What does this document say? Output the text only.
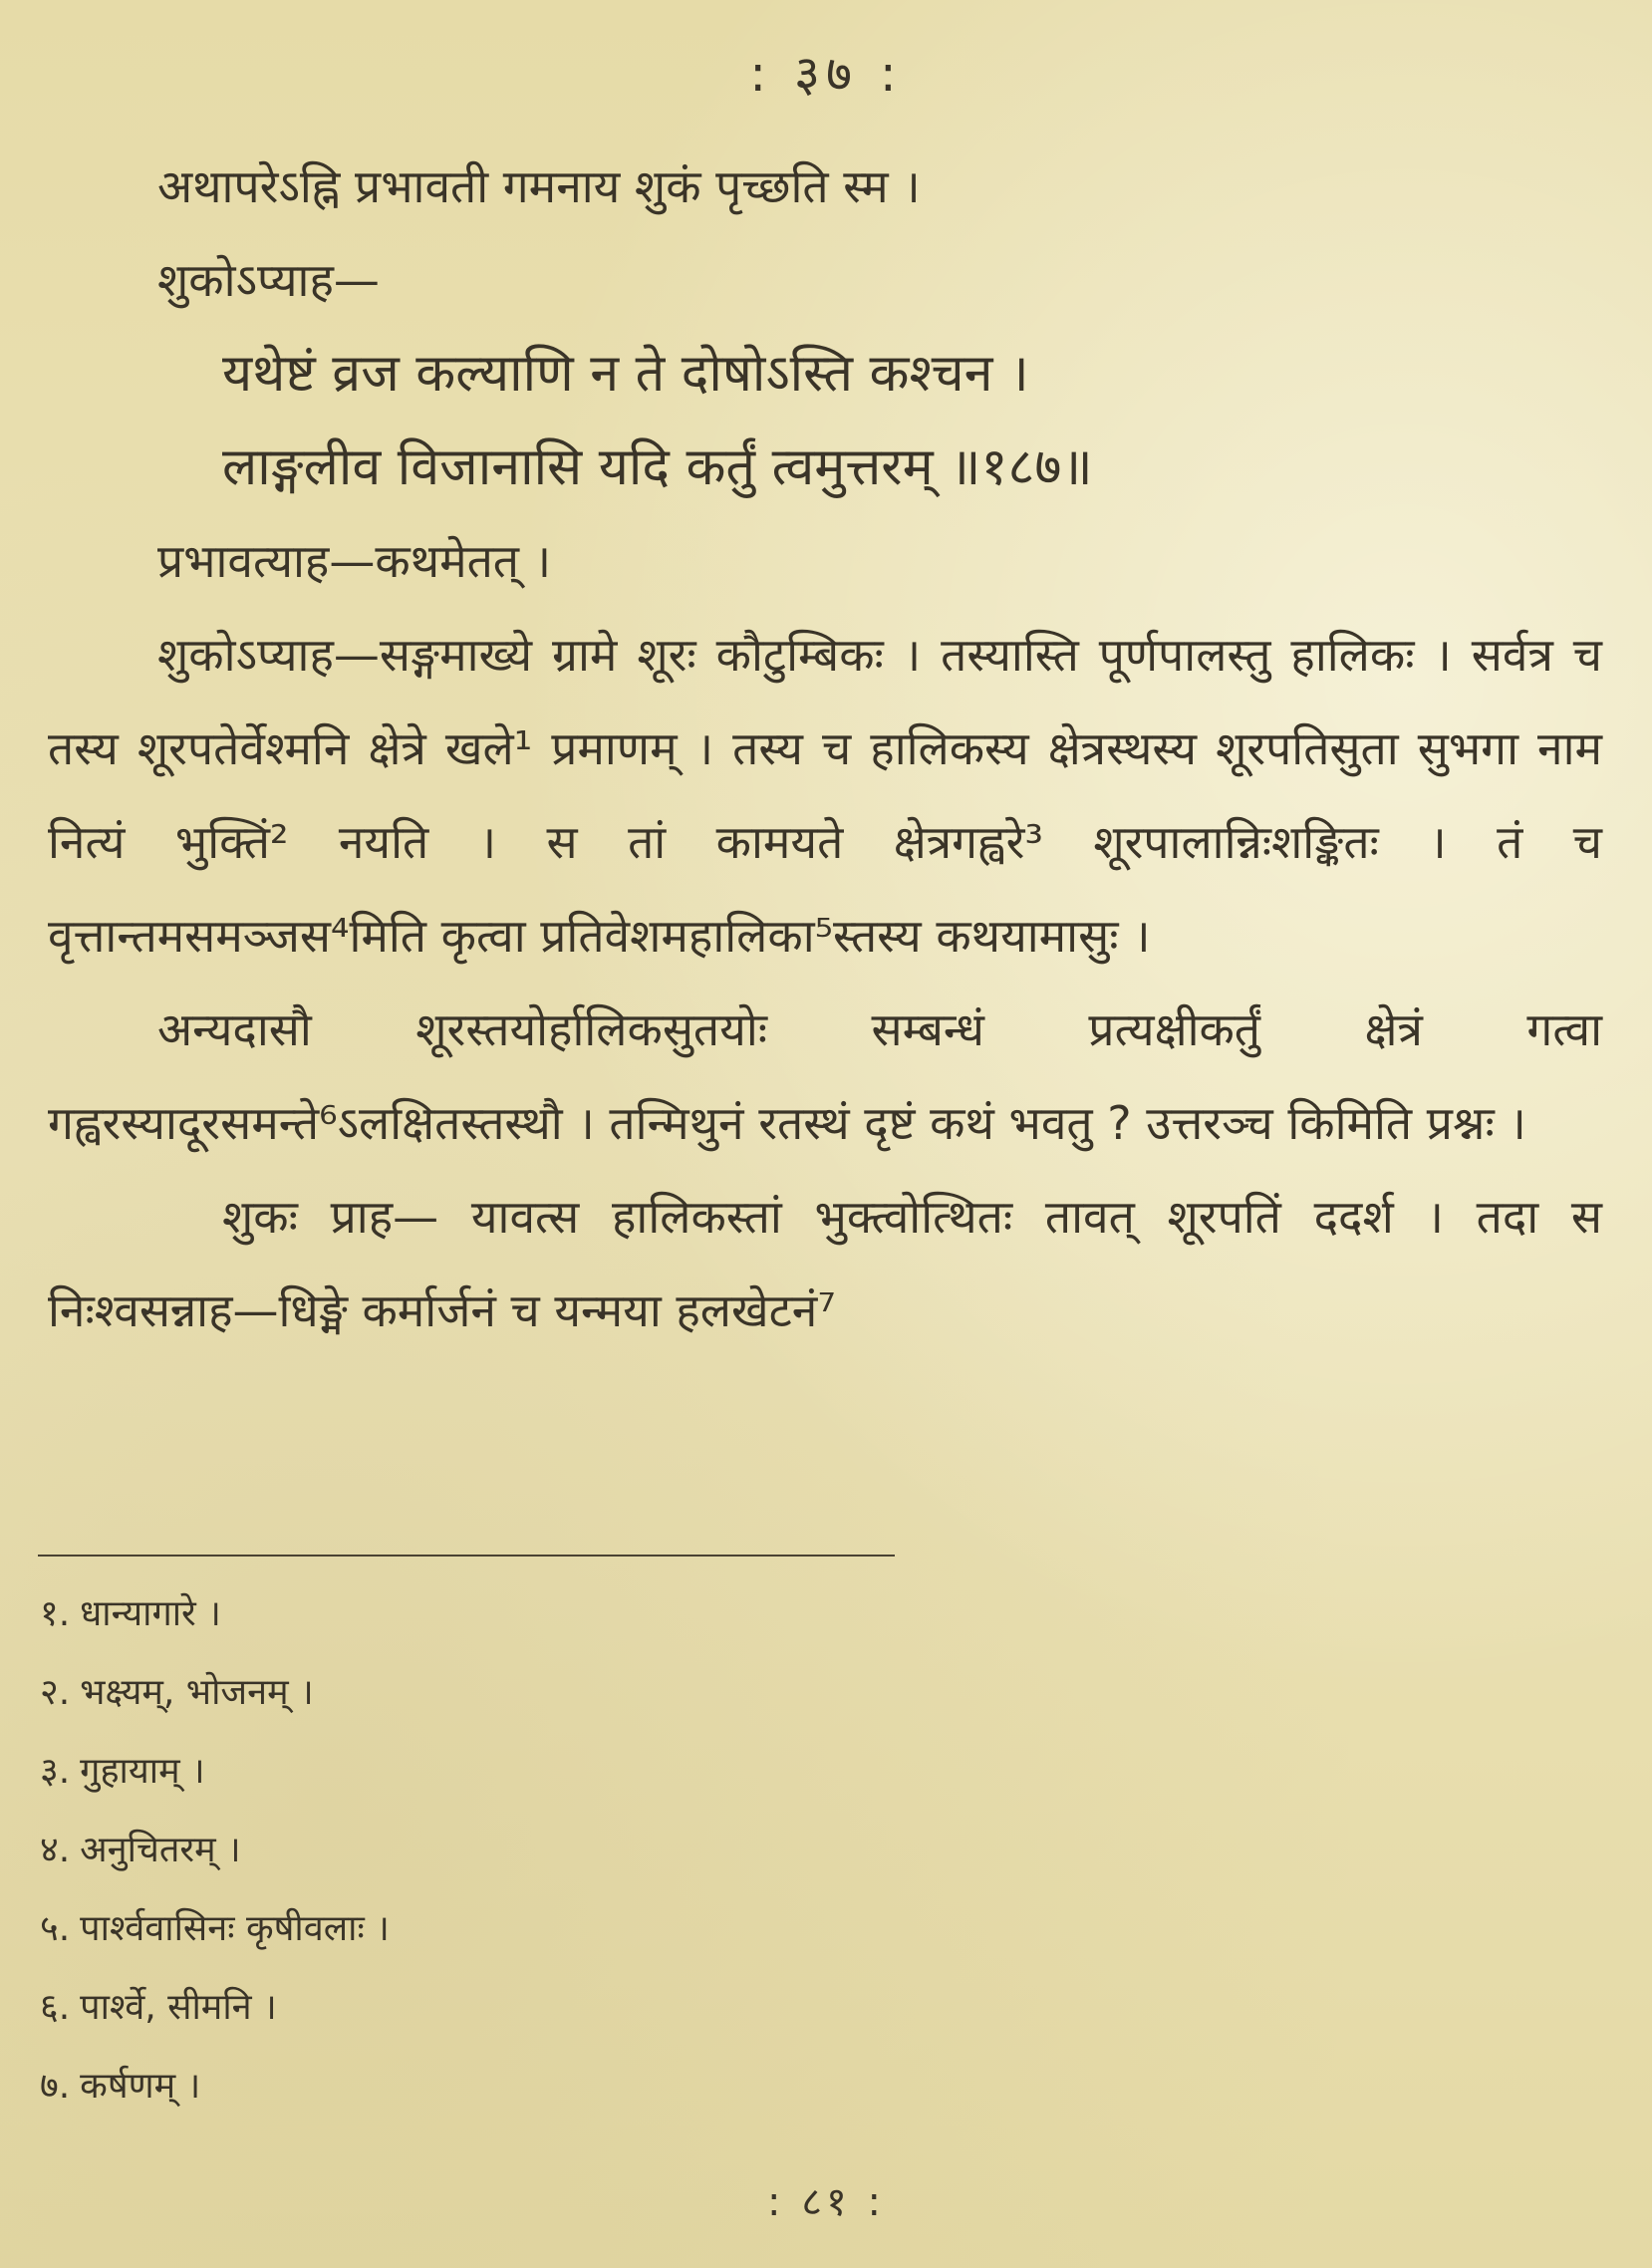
: ३७ :

अथापरेऽह्नि प्रभावती गमनाय शुकं पृच्छति स्म ।

शुकोऽप्याह—

यथेष्टं व्रज कल्याणि न ते दोषोऽस्ति कश्चन ।

लाङ्गलीव विजानासि यदि कर्तुं त्वमुत्तरम् ॥१८७॥

प्रभावत्याह—कथमेतत् ।

शुकोऽप्याह—सङ्गमाख्ये ग्रामे शूरः कौटुम्बिकः । तस्यास्ति पूर्णपालस्तु हालिकः । सर्वत्र च तस्य शूरपतेर्वेश्मनि क्षेत्रे खले¹ प्रमाणम् । तस्य च हालिकस्य क्षेत्रस्थस्य शूरपतिसुता सुभगा नाम नित्यं भुक्तिं² नयति । स तां कामयते क्षेत्रगह्वरे³ शूरपालान्निःशङ्कितः । तं च वृत्तान्तमसमञ्जस⁴मिति कृत्वा प्रतिवेशमहालिका⁵स्तस्य कथयामासुः ।

अन्यदासौ शूरस्तयोर्हालिकसुतयोः सम्बन्धं प्रत्यक्षीकर्तुं क्षेत्रं गत्वा गह्वरस्यादूरसमन्ते⁶ऽलक्षितस्तस्थौ । तन्मिथुनं रतस्थं दृष्टं कथं भवतु ? उत्तरञ्च किमिति प्रश्नः ।

शुकः प्राह— यावत्स हालिकस्तां भुक्त्वोत्थितः तावत् शूरपतिं ददर्श । तदा स निःश्वसन्नाह—धिङ्मे कर्मार्जनं च यन्मया हलखेटनं⁷

१. धान्यागारे ।
२. भक्ष्यम्, भोजनम् ।
३. गुहायाम् ।
४. अनुचितरम् ।
५. पार्श्ववासिनः कृषीवलाः ।
६. पार्श्वे, सीमनि ।
७. कर्षणम् ।
: ८१ :
